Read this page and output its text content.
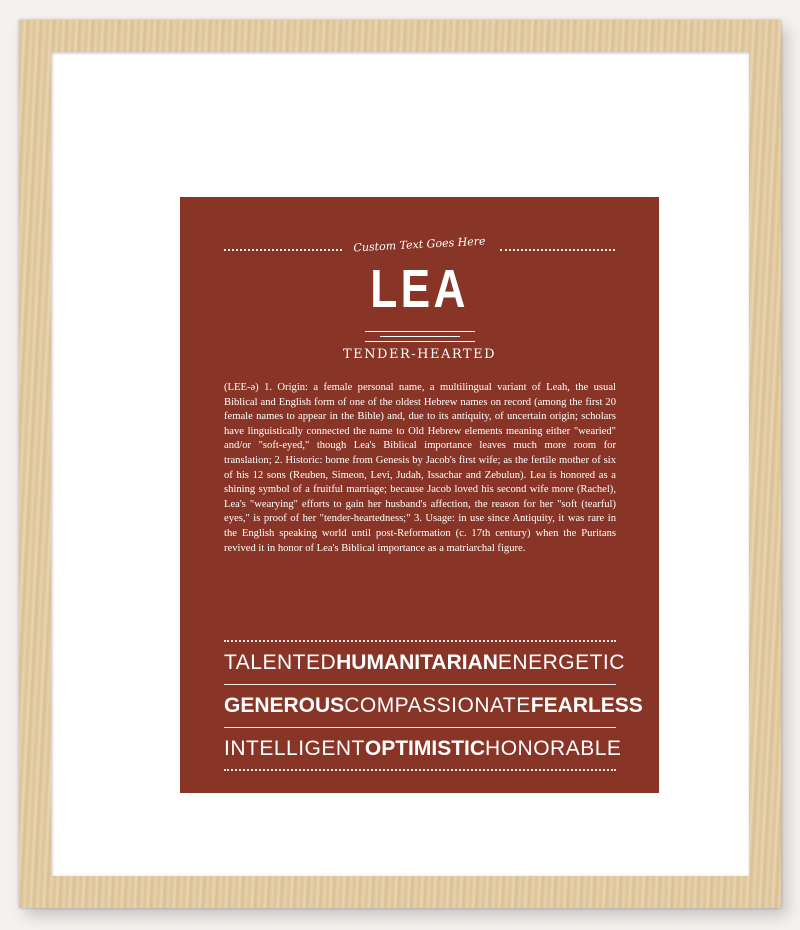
Custom Text Goes Here
LEA
TENDER-HEARTED
(LEE-ə) 1. Origin: a female personal name, a multilingual variant of Leah, the usual Biblical and English form of one of the oldest Hebrew names on record (among the first 20 female names to appear in the Bible) and, due to its antiquity, of uncertain origin; scholars have linguistically connected the name to Old Hebrew elements meaning either "wearied" and/or "soft-eyed," though Lea's Biblical importance leaves much more room for translation; 2. Historic: borne from Genesis by Jacob's first wife; as the fertile mother of six of his 12 sons (Reuben, Simeon, Levi, Judah, Issachar and Zebulun). Lea is honored as a shining symbol of a fruitful marriage; because Jacob loved his second wife more (Rachel), Lea's "wearying" efforts to gain her husband's affection, the reason for her "soft (tearful) eyes," is proof of her "tender-heartedness;" 3. Usage: in use since Antiquity, it was rare in the English speaking world until post-Reformation (c. 17th century) when the Puritans revived it in honor of Lea's Biblical importance as a matriarchal figure.
TALENTED HUMANITARIAN ENERGETIC
GENEROUS COMPASSIONATE FEARLESS
INTELLIGENT OPTIMISTIC HONORABLE
